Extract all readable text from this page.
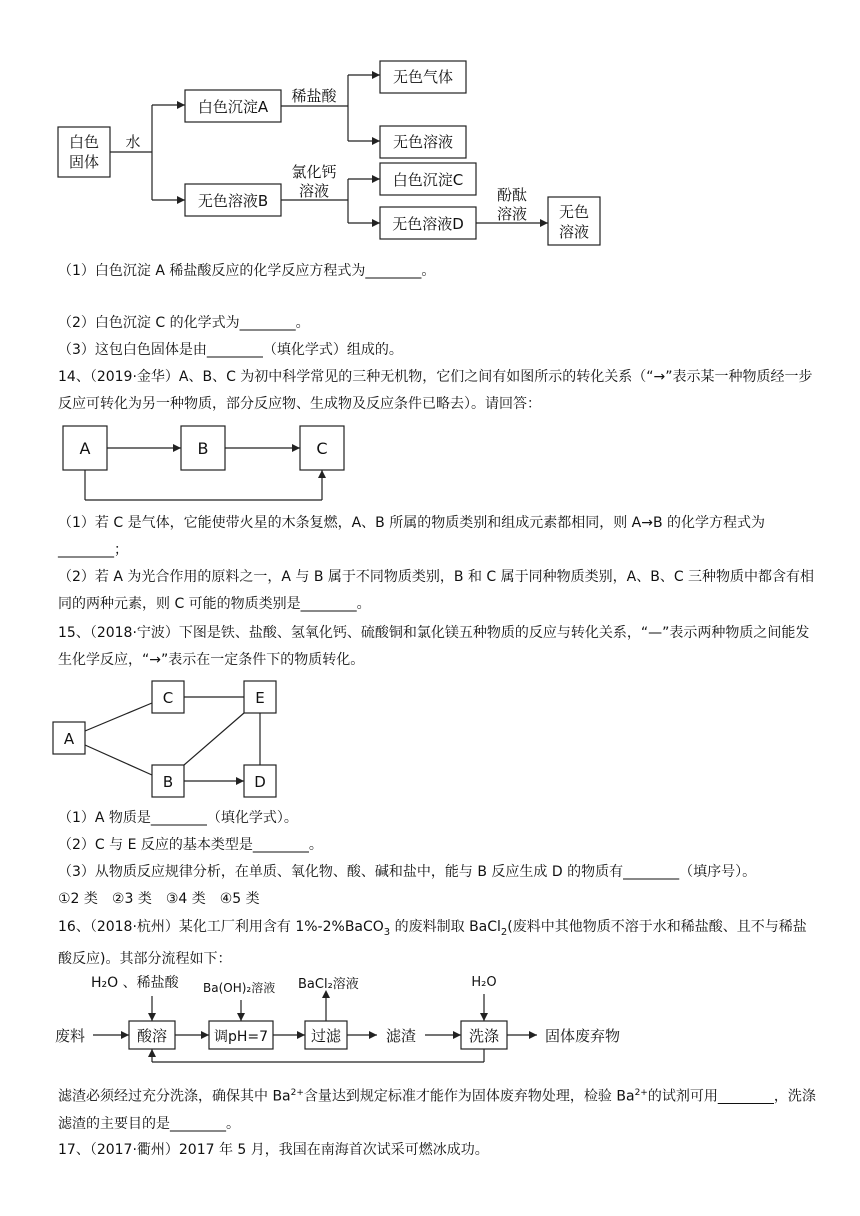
白色
固体
水
白色沉淀A
稀盐酸
无色气体
无色溶液
氯化钙
溶液
无色溶液B
白色沉淀C
无色溶液D
酚酞
溶液 无色
溶液
（1）白色沉淀 A 稀盐酸反应的化学反应方程式为________。
（2）白色沉淀 C 的化学式为________。
（3）这包白色固体是由________（填化学式）组成的。
14、（2019·金华）A、B、C 为初中科学常见的三种无机物，它们之间有如图所示的转化关系（“→”表示某一种物质经一步反应可转化为另一种物质，部分反应物、生成物及反应条件已略去）。请回答：
A	B	C
（1）若 C 是气体，它能使带火星的木条复燃，A、B 所属的物质类别和组成元素都相同，则 A→B 的化学方程式为________；
（2）若 A 为光合作用的原料之一，A 与 B 属于不同物质类别，B 和 C 属于同种物质类别，A、B、C 三种物质中都含有相同的两种元素，则 C 可能的物质类别是________。
15、（2018·宁波）下图是铁、盐酸、氢氧化钙、硫酸铜和氯化镁五种物质的反应与转化关系，“—”表示两种物质之间能发生化学反应，“→”表示在一定条件下的物质转化。
A
C	E
B	D
（1）A 物质是________（填化学式）。
（2）C 与 E 反应的基本类型是________。
（3）从物质反应规律分析，在单质、氧化物、酸、碱和盐中，能与 B 反应生成 D 的物质有________（填序号）。
①2 类　②3 类　③4 类　④5 类
16、（2018·杭州）某化工厂利用含有 1%-2%BaCO$_3$ 的废料制取 BaCl$_2$(废料中其他物质不溶于水和稀盐酸、且不与稀盐酸反应)。其部分流程如下：
H₂O 、稀盐酸 Ba(OH)₂溶液 BaCl₂溶液	H₂O
废料	酸溶	调pH=7	过滤	滤渣	洗涤	固体废弃物
滤渣必须经过充分洗涤，确保其中 $Ba^{2+}$含量达到规定标准才能作为固体废弃物处理，检验 $Ba^{2+}$的试剂可用________，洗涤滤渣的主要目的是________。
17、（2017·衢州）2017 年 5 月，我国在南海首次试采可燃冰成功。
